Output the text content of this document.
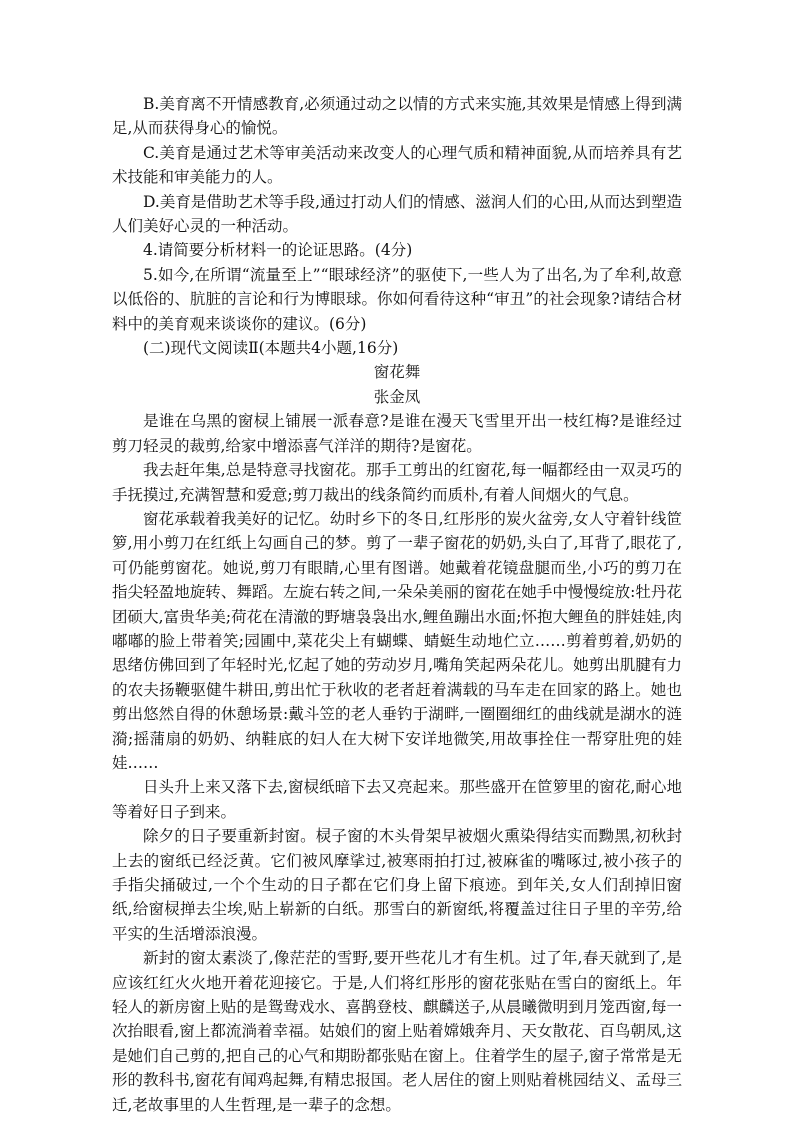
B.美育离不开情感教育,必须通过动之以情的方式来实施,其效果是情感上得到满足,从而获得身心的愉悦。

C.美育是通过艺术等审美活动来改变人的心理气质和精神面貌,从而培养具有艺术技能和审美能力的人。

D.美育是借助艺术等手段,通过打动人们的情感、滋润人们的心田,从而达到塑造人们美好心灵的一种活动。

4.请简要分析材料一的论证思路。(4分)

5.如今,在所谓“流量至上”“眼球经济”的驱使下,一些人为了出名,为了牟利,故意以低俗的、肮脏的言论和行为博眼球。你如何看待这种“审丑”的社会现象?请结合材料中的美育观来谈谈你的建议。(6分)

(二)现代文阅读Ⅱ(本题共4小题,16分)

窗花舞

张金凤

是谁在乌黑的窗棂上铺展一派春意?是谁在漫天飞雪里开出一枝红梅?是谁经过剪刀轻灵的裁剪,给家中增添喜气洋洋的期待?是窗花。

我去赶年集,总是特意寻找窗花。那手工剪出的红窗花,每一幅都经由一双灵巧的手抚摸过,充满智慧和爱意;剪刀裁出的线条简约而质朴,有着人间烟火的气息。

窗花承载着我美好的记忆。幼时乡下的冬日,红彤彤的炭火盆旁,女人守着针线笸箩,用小剪刀在红纸上勾画自己的梦。剪了一辈子窗花的奶奶,头白了,耳背了,眼花了,可仍能剪窗花。她说,剪刀有眼睛,心里有图谱。她戴着花镜盘腿而坐,小巧的剪刀在指尖轻盈地旋转、舞蹈。左旋右转之间,一朵朵美丽的窗花在她手中慢慢绽放:牡丹花团硕大,富贵华美;荷花在清澈的野塘袅袅出水,鲤鱼蹦出水面;怀抱大鲤鱼的胖娃娃,肉嘟嘟的脸上带着笑;园圃中,菜花尖上有蝴蝶、蜻蜓生动地伫立……剪着剪着,奶奶的思绪仿佛回到了年轻时光,忆起了她的劳动岁月,嘴角笑起两朵花儿。她剪出肌腱有力的农夫扬鞭驱健牛耕田,剪出忙于秋收的老者赶着满载的马车走在回家的路上。她也剪出悠然自得的休憩场景:戴斗笠的老人垂钓于湖畔,一圈圈细红的曲线就是湖水的涟漪;摇蒲扇的奶奶、纳鞋底的妇人在大树下安详地微笑,用故事拴住一帮穿肚兜的娃娃……

日头升上来又落下去,窗棂纸暗下去又亮起来。那些盛开在笸箩里的窗花,耐心地等着好日子到来。

除夕的日子要重新封窗。棂子窗的木头骨架早被烟火熏染得结实而黝黑,初秋封上去的窗纸已经泛黄。它们被风摩挲过,被寒雨拍打过,被麻雀的嘴啄过,被小孩子的手指尖捅破过,一个个生动的日子都在它们身上留下痕迹。到年关,女人们刮掉旧窗纸,给窗棂掸去尘埃,贴上崭新的白纸。那雪白的新窗纸,将覆盖过往日子里的辛劳,给平实的生活增添浪漫。

新封的窗太素淡了,像茫茫的雪野,要开些花儿才有生机。过了年,春天就到了,是应该红红火火地开着花迎接它。于是,人们将红彤彤的窗花张贴在雪白的窗纸上。年轻人的新房窗上贴的是鸳鸯戏水、喜鹊登枝、麒麟送子,从晨曦微明到月笼西窗,每一次抬眼看,窗上都流淌着幸福。姑娘们的窗上贴着嫦娥奔月、天女散花、百鸟朝凤,这是她们自己剪的,把自己的心气和期盼都张贴在窗上。住着学生的屋子,窗子常常是无形的教科书,窗花有闻鸡起舞,有精忠报国。老人居住的窗上则贴着桃园结义、孟母三迁,老故事里的人生哲理,是一辈子的念想。
